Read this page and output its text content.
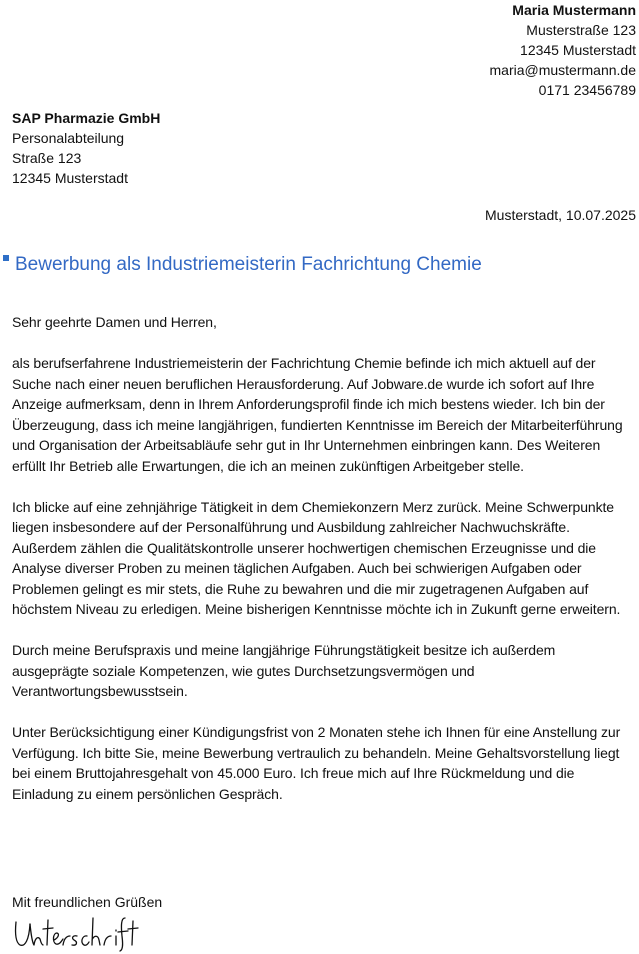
Maria Mustermann
Musterstraße 123
12345 Musterstadt
maria@mustermann.de
0171 23456789
SAP Pharmazie GmbH
Personalabteilung
Straße 123
12345 Musterstadt
Musterstadt, 10.07.2025
Bewerbung als Industriemeisterin Fachrichtung Chemie

Sehr geehrte Damen und Herren,

als berufserfahrene Industriemeisterin der Fachrichtung Chemie befinde ich mich aktuell auf der Suche nach einer neuen beruflichen Herausforderung. Auf Jobware.de wurde ich sofort auf Ihre Anzeige aufmerksam, denn in Ihrem Anforderungsprofil finde ich mich bestens wieder. Ich bin der Überzeugung, dass ich meine langjährigen, fundierten Kenntnisse im Bereich der Mitarbeiterführung und Organisation der Arbeitsabläufe sehr gut in Ihr Unternehmen einbringen kann. Des Weiteren erfüllt Ihr Betrieb alle Erwartungen, die ich an meinen zukünftigen Arbeitgeber stelle.

Ich blicke auf eine zehnjährige Tätigkeit in dem Chemiekonzern Merz zurück. Meine Schwerpunkte liegen insbesondere auf der Personalführung und Ausbildung zahlreicher Nachwuchskräfte. Außerdem zählen die Qualitätskontrolle unserer hochwertigen chemischen Erzeugnisse und die Analyse diverser Proben zu meinen täglichen Aufgaben. Auch bei schwierigen Aufgaben oder Problemen gelingt es mir stets, die Ruhe zu bewahren und die mir zugetragenen Aufgaben auf höchstem Niveau zu erledigen. Meine bisherigen Kenntnisse möchte ich in Zukunft gerne erweitern.

Durch meine Berufspraxis und meine langjährige Führungstätigkeit besitze ich außerdem ausgeprägte soziale Kompetenzen, wie gutes Durchsetzungsvermögen und Verantwortungsbewusstsein.

Unter Berücksichtigung einer Kündigungsfrist von 2 Monaten stehe ich Ihnen für eine Anstellung zur Verfügung. Ich bitte Sie, meine Bewerbung vertraulich zu behandeln. Meine Gehaltsvorstellung liegt bei einem Bruttojahresgehalt von 45.000 Euro. Ich freue mich auf Ihre Rückmeldung und die Einladung zu einem persönlichen Gespräch.

Mit freundlichen Grüßen
